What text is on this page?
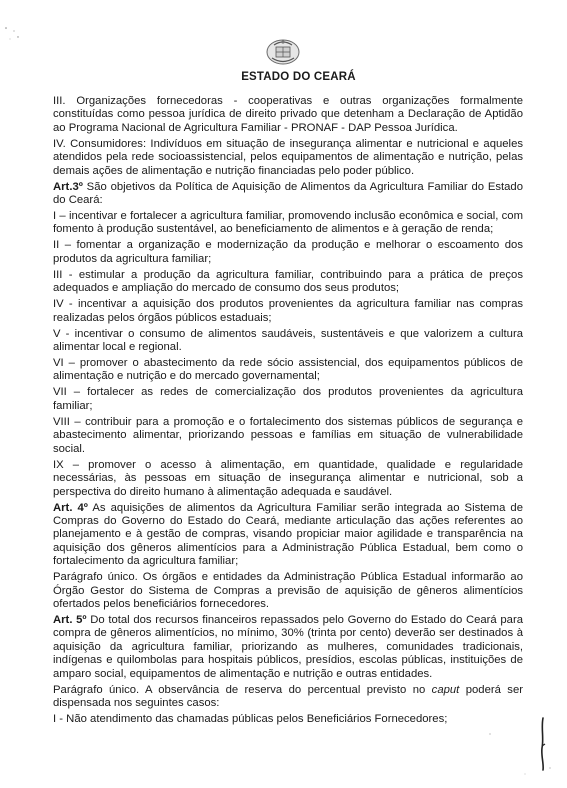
ESTADO DO CEARÁ

III. Organizações fornecedoras - cooperativas e outras organizações formalmente constituídas como pessoa jurídica de direito privado que detenham a Declaração de Aptidão ao Programa Nacional de Agricultura Familiar - PRONAF - DAP Pessoa Jurídica.

IV. Consumidores: Indivíduos em situação de insegurança alimentar e nutricional e aqueles atendidos pela rede socioassistencial, pelos equipamentos de alimentação e nutrição, pelas demais ações de alimentação e nutrição financiadas pelo poder público.

Art.3º São objetivos da Política de Aquisição de Alimentos da Agricultura Familiar do Estado do Ceará:

I – incentivar e fortalecer a agricultura familiar, promovendo inclusão econômica e social, com fomento à produção sustentável, ao beneficiamento de alimentos e à geração de renda;

II – fomentar a organização e modernização da produção e melhorar o escoamento dos produtos da agricultura familiar;

III - estimular a produção da agricultura familiar, contribuindo para a prática de preços adequados e ampliação do mercado de consumo dos seus produtos;

IV - incentivar a aquisição dos produtos provenientes da agricultura familiar nas compras realizadas pelos órgãos públicos estaduais;

V - incentivar o consumo de alimentos saudáveis, sustentáveis e que valorizem a cultura alimentar local e regional.

VI – promover o abastecimento da rede sócio assistencial, dos equipamentos públicos de alimentação e nutrição e do mercado governamental;

VII – fortalecer as redes de comercialização dos produtos provenientes da agricultura familiar;

VIII – contribuir para a promoção e o fortalecimento dos sistemas públicos de segurança e abastecimento alimentar, priorizando pessoas e famílias em situação de vulnerabilidade social.

IX – promover o acesso à alimentação, em quantidade, qualidade e regularidade necessárias, às pessoas em situação de insegurança alimentar e nutricional, sob a perspectiva do direito humano à alimentação adequada e saudável.

Art. 4º As aquisições de alimentos da Agricultura Familiar serão integrada ao Sistema de Compras do Governo do Estado do Ceará, mediante articulação das ações referentes ao planejamento e à gestão de compras, visando propiciar maior agilidade e transparência na aquisição dos gêneros alimentícios para a Administração Pública Estadual, bem como o fortalecimento da agricultura familiar;

Parágrafo único. Os órgãos e entidades da Administração Pública Estadual informarão ao Órgão Gestor do Sistema de Compras a previsão de aquisição de gêneros alimentícios ofertados pelos beneficiários fornecedores.

Art. 5º Do total dos recursos financeiros repassados pelo Governo do Estado do Ceará para compra de gêneros alimentícios, no mínimo, 30% (trinta por cento) deverão ser destinados à aquisição da agricultura familiar, priorizando as mulheres, comunidades tradicionais, indígenas e quilombolas para hospitais públicos, presídios, escolas públicas, instituições de amparo social, equipamentos de alimentação e nutrição e outras entidades.

Parágrafo único. A observância de reserva do percentual previsto no caput poderá ser dispensada nos seguintes casos:

I - Não atendimento das chamadas públicas pelos Beneficiários Fornecedores;
